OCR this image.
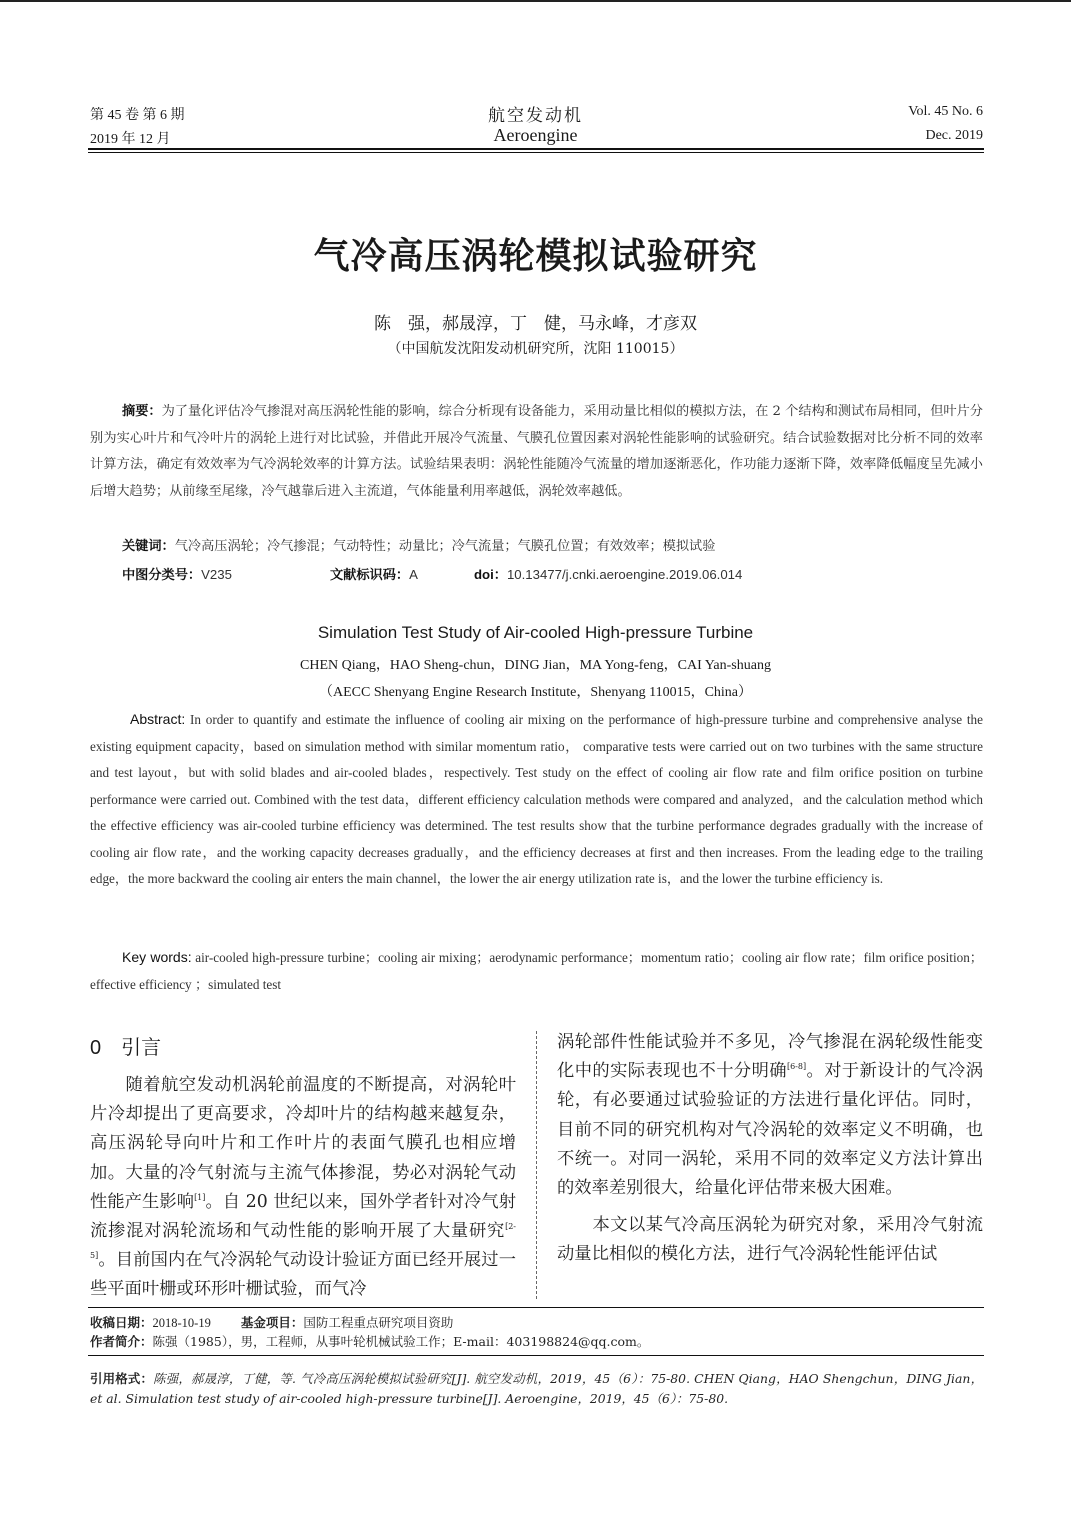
第 45 卷 第 6 期
2019 年 12 月
航空发动机
Aeroengine
Vol. 45 No. 6
Dec. 2019
气冷高压涡轮模拟试验研究
陈　强，郝晟淳，丁　健，马永峰，才彦双
（中国航发沈阳发动机研究所，沈阳 110015）
摘要：为了量化评估冷气掺混对高压涡轮性能的影响，综合分析现有设备能力，采用动量比相似的模拟方法，在 2 个结构和测试布局相同，但叶片分别为实心叶片和气冷叶片的涡轮上进行对比试验，并借此开展冷气流量、气膜孔位置因素对涡轮性能影响的试验研究。结合试验数据对比分析不同的效率计算方法，确定有效效率为气冷涡轮效率的计算方法。试验结果表明：涡轮性能随冷气流量的增加逐渐恶化，作功能力逐渐下降，效率降低幅度呈先减小后增大趋势；从前缘至尾缘，冷气越靠后进入主流道，气体能量利用率越低，涡轮效率越低。
关键词：气冷高压涡轮；冷气掺混；气动特性；动量比；冷气流量；气膜孔位置；有效效率；模拟试验
中图分类号：V235	文献标识码：A	doi：10.13477/j.cnki.aeroengine.2019.06.014
Simulation Test Study of Air-cooled High-pressure Turbine
CHEN Qiang，HAO Sheng-chun，DING Jian，MA Yong-feng，CAI Yan-shuang
（AECC Shenyang Engine Research Institute，Shenyang 110015，China）
Abstract: In order to quantify and estimate the influence of cooling air mixing on the performance of high-pressure turbine and comprehensive analyse the existing equipment capacity，based on simulation method with similar momentum ratio， comparative tests were carried out on two turbines with the same structure and test layout，but with solid blades and air-cooled blades，respectively. Test study on the effect of cooling air flow rate and film orifice position on turbine performance were carried out. Combined with the test data，different efficiency calculation methods were compared and analyzed，and the calculation method which the effective efficiency was air-cooled turbine efficiency was determined. The test results show that the turbine performance degrades gradually with the increase of cooling air flow rate，and the working capacity decreases gradually，and the efficiency decreases at first and then increases. From the leading edge to the trailing edge，the more backward the cooling air enters the main channel，the lower the air energy utilization rate is，and the lower the turbine efficiency is.
Key words: air-cooled high-pressure turbine；cooling air mixing；aerodynamic performance；momentum ratio；cooling air flow rate；film orifice position；effective efficiency ；simulated test
0 引言
随着航空发动机涡轮前温度的不断提高，对涡轮叶片冷却提出了更高要求，冷却叶片的结构越来越复杂，高压涡轮导向叶片和工作叶片的表面气膜孔也相应增加。大量的冷气射流与主流气体掺混，势必对涡轮气动性能产生影响[1]。自 20 世纪以来，国外学者针对冷气射流掺混对涡轮流场和气动性能的影响开展了大量研究[2-5]。目前国内在气冷涡轮气动设计验证方面已经开展过一些平面叶栅或环形叶栅试验，而气冷
涡轮部件性能试验并不多见，冷气掺混在涡轮级性能变化中的实际表现也不十分明确[6-8]。对于新设计的气冷涡轮，有必要通过试验验证的方法进行量化评估。同时，目前不同的研究机构对气冷涡轮的效率定义不明确，也不统一。对同一涡轮，采用不同的效率定义方法计算出的效率差别很大，给量化评估带来极大困难。
本文以某气冷高压涡轮为研究对象，采用冷气射流动量比相似的模化方法，进行气冷涡轮性能评估试
收稿日期：2018-10-19 基金项目：国防工程重点研究项目资助
作者简介：陈强（1985），男，工程师，从事叶轮机械试验工作；E-mail：403198824@qq.com。
引用格式：陈强，郝晟淳，丁健，等. 气冷高压涡轮模拟试验研究[J]. 航空发动机，2019，45（6）：75-80. CHEN Qiang，HAO Shengchun，DING Jian，et al. Simulation test study of air-cooled high-pressure turbine[J]. Aeroengine，2019，45（6）：75-80.
